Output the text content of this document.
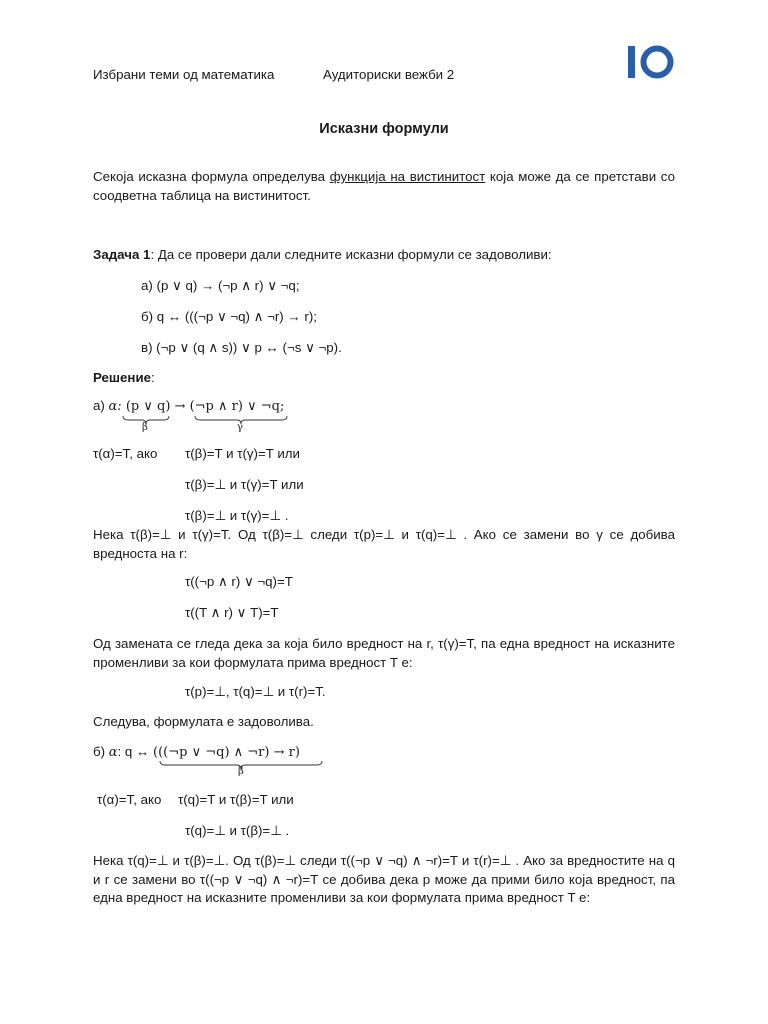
Избрани теми од математика	Аудиториски вежби 2
Исказни формули
Секоја исказна формула определува функција на вистинитост која може да се претстави со соодветна таблица на вистинитост.
Задача 1: Да се провери дали следните исказни формули се задоволиви:
а) (p ∨ q) → (¬p ∧ r) ∨ ¬q;
б) q ↔ (((¬p ∨ ¬q) ∧ ¬r) → r);
в) (¬p ∨ (q ∧ s)) ∨ p ↔ (¬s ∨ ¬p).
Решение:
а) α: (p ∨ q) → (¬p ∧ r) ∨ ¬q;
β	γ
τ(α)=T, ако τ(β)=T и τ(γ)=T или
τ(β)=⊥ и τ(γ)=T или
τ(β)=⊥ и τ(γ)=⊥ .
Нека τ(β)=⊥ и τ(γ)=T. Од τ(β)=⊥ следи τ(p)=⊥ и τ(q)=⊥ . Ако се замени во γ се добива вредноста на r:
τ((¬p ∧ r) ∨ ¬q)=T
τ((T ∧ r) ∨ T)=T
Од замената се гледа дека за која било вредност на r, τ(γ)=T, па една вредност на исказните променливи за кои формулата прима вредност T е:
τ(p)=⊥, τ(q)=⊥ и τ(r)=T.
Следува, формулата е задоволива.
б) α: q ↔ (((¬p ∨ ¬q) ∧ ¬r) → r)
β
τ(α)=T, ако τ(q)=T и τ(β)=T или
τ(q)=⊥ и τ(β)=⊥ .
Нека τ(q)=⊥ и τ(β)=⊥. Од τ(β)=⊥ следи τ((¬p ∨ ¬q) ∧ ¬r)=T и τ(r)=⊥ . Ако за вредностите на q и r се замени во τ((¬p ∨ ¬q) ∧ ¬r)=T се добива дека p може да прими било која вредност, па една вредност на исказните променливи за кои формулата прима вредност T е:
